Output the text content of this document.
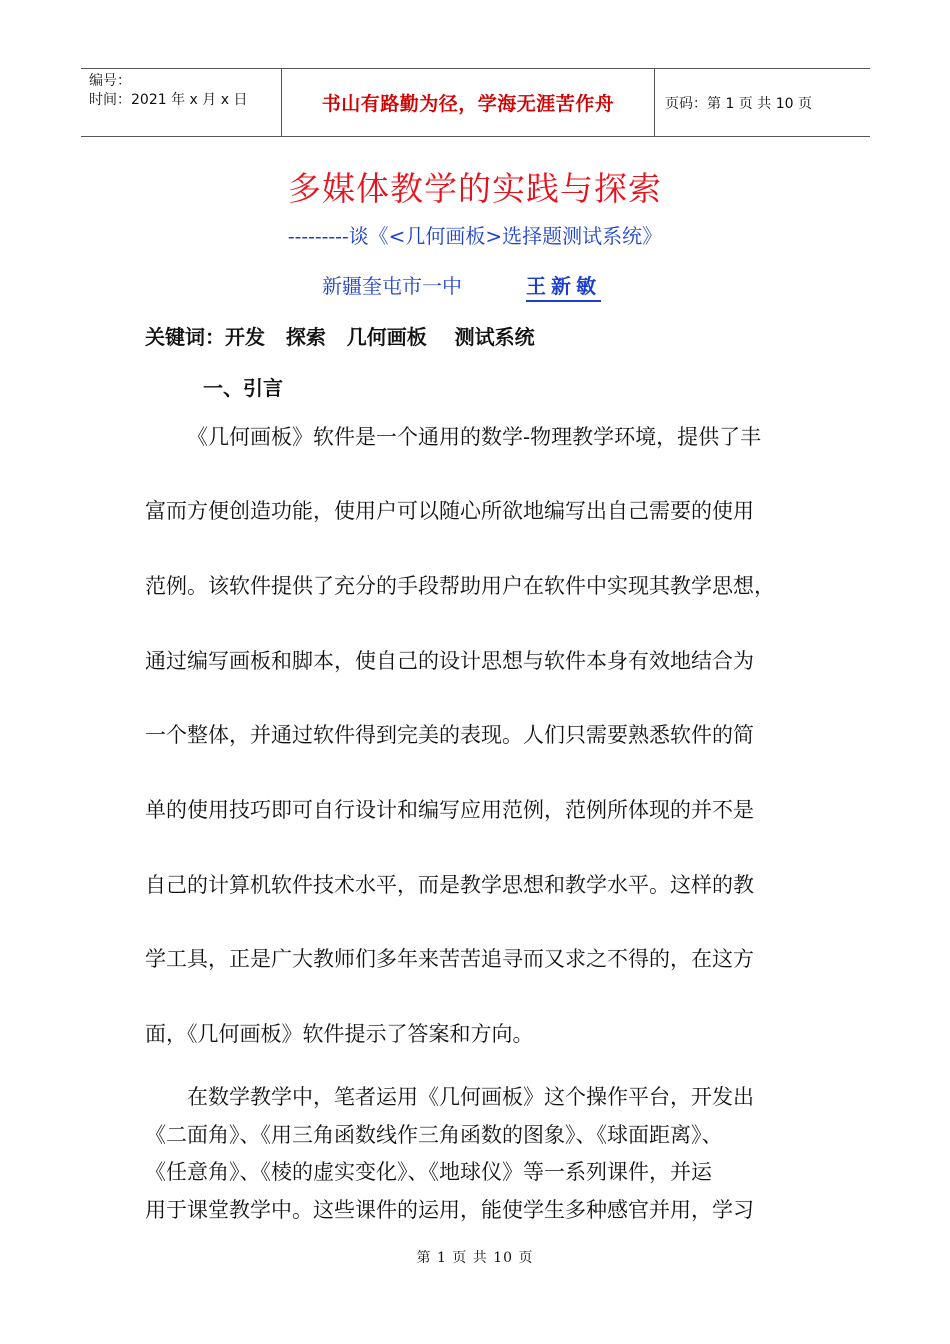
编号：
时间：2021 年 x 月 x 日	书山有路勤为径，学海无涯苦作舟	页码：第 1 页 共 10 页
多媒体教学的实践与探索
---------谈《<几何画板>选择题测试系统》
新疆奎屯市一中	王新敏
关键词：开发   探索   几何画板    测试系统
一、引言
《几何画板》软件是一个通用的数学-物理教学环境，提供了丰
富而方便创造功能，使用户可以随心所欲地编写出自己需要的使用
范例。该软件提供了充分的手段帮助用户在软件中实现其教学思想，
通过编写画板和脚本，使自己的设计思想与软件本身有效地结合为
一个整体，并通过软件得到完美的表现。人们只需要熟悉软件的简
单的使用技巧即可自行设计和编写应用范例，范例所体现的并不是
自己的计算机软件技术水平，而是教学思想和教学水平。这样的教
学工具，正是广大教师们多年来苦苦追寻而又求之不得的，在这方
面，《几何画板》软件提示了答案和方向。
在数学教学中，笔者运用《几何画板》这个操作平台，开发出
《二面角》、《用三角函数线作三角函数的图象》、《球面距离》、
《任意角》、《棱的虚实变化》、《地球仪》等一系列课件，并运
用于课堂教学中。这些课件的运用，能使学生多种感官并用，学习
第 1 页 共 10 页
